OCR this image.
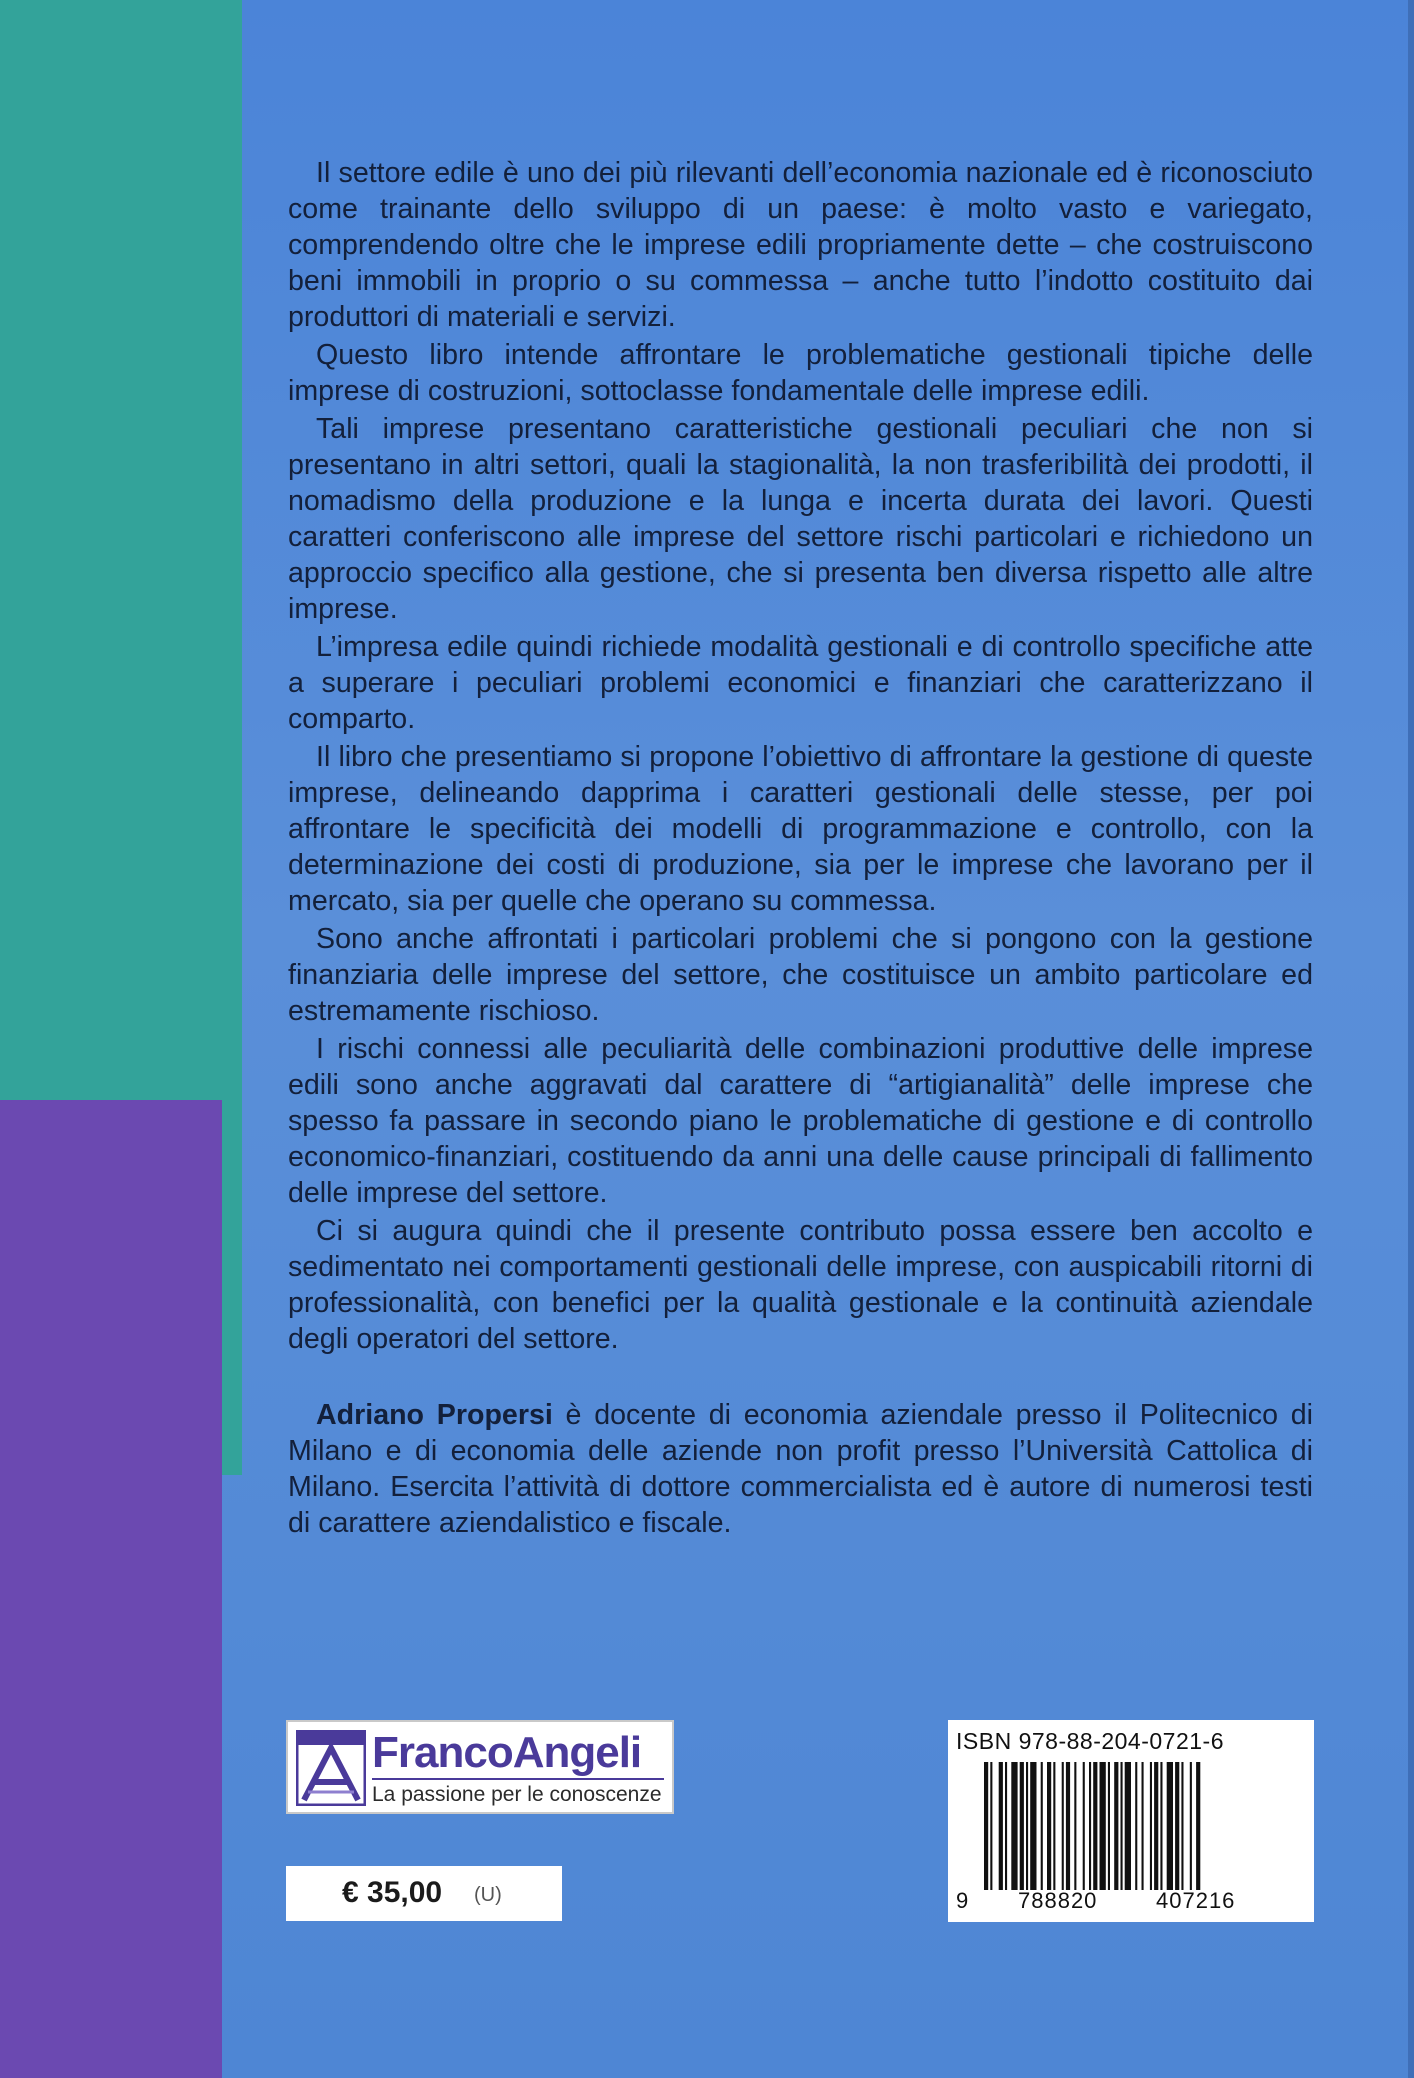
Il settore edile è uno dei più rilevanti dell’economia nazionale ed è riconosciuto come trainante dello sviluppo di un paese: è molto vasto e variegato, comprendendo oltre che le imprese edili propriamente dette – che costruiscono beni immobili in proprio o su commessa – anche tutto l’indotto costituito dai produttori di materiali e servizi.

Questo libro intende affrontare le problematiche gestionali tipiche delle imprese di costruzioni, sottoclasse fondamentale delle imprese edili.

Tali imprese presentano caratteristiche gestionali peculiari che non si presentano in altri settori, quali la stagionalità, la non trasferibilità dei prodotti, il nomadismo della produzione e la lunga e incerta durata dei lavori. Questi caratteri conferiscono alle imprese del settore rischi particolari e richiedono un approccio specifico alla gestione, che si presenta ben diversa rispetto alle altre imprese.

L’impresa edile quindi richiede modalità gestionali e di controllo specifiche atte a superare i peculiari problemi economici e finanziari che caratterizzano il comparto.

Il libro che presentiamo si propone l’obiettivo di affrontare la gestione di queste imprese, delineando dapprima i caratteri gestionali delle stesse, per poi affrontare le specificità dei modelli di programmazione e controllo, con la determinazione dei costi di produzione, sia per le imprese che lavorano per il mercato, sia per quelle che operano su commessa.

Sono anche affrontati i particolari problemi che si pongono con la gestione finanziaria delle imprese del settore, che costituisce un ambito particolare ed estremamente rischioso.

I rischi connessi alle peculiarità delle combinazioni produttive delle imprese edili sono anche aggravati dal carattere di “artigianalità” delle imprese che spesso fa passare in secondo piano le problematiche di gestione e di controllo economico-finanziari, costituendo da anni una delle cause principali di fallimento delle imprese del settore.

Ci si augura quindi che il presente contributo possa essere ben accolto e sedimentato nei comportamenti gestionali delle imprese, con auspicabili ritorni di professionalità, con benefici per la qualità gestionale e la continuità aziendale degli operatori del settore.

Adriano Propersi è docente di economia aziendale presso il Politecnico di Milano e di economia delle aziende non profit presso l’Università Cattolica di Milano. Esercita l’attività di dottore commercialista ed è autore di numerosi testi di carattere aziendalistico e fiscale.

FrancoAngeli
La passione per le conoscenze
€ 35,00 (U)
ISBN 978-88-204-0721-6
9 788820	407216
